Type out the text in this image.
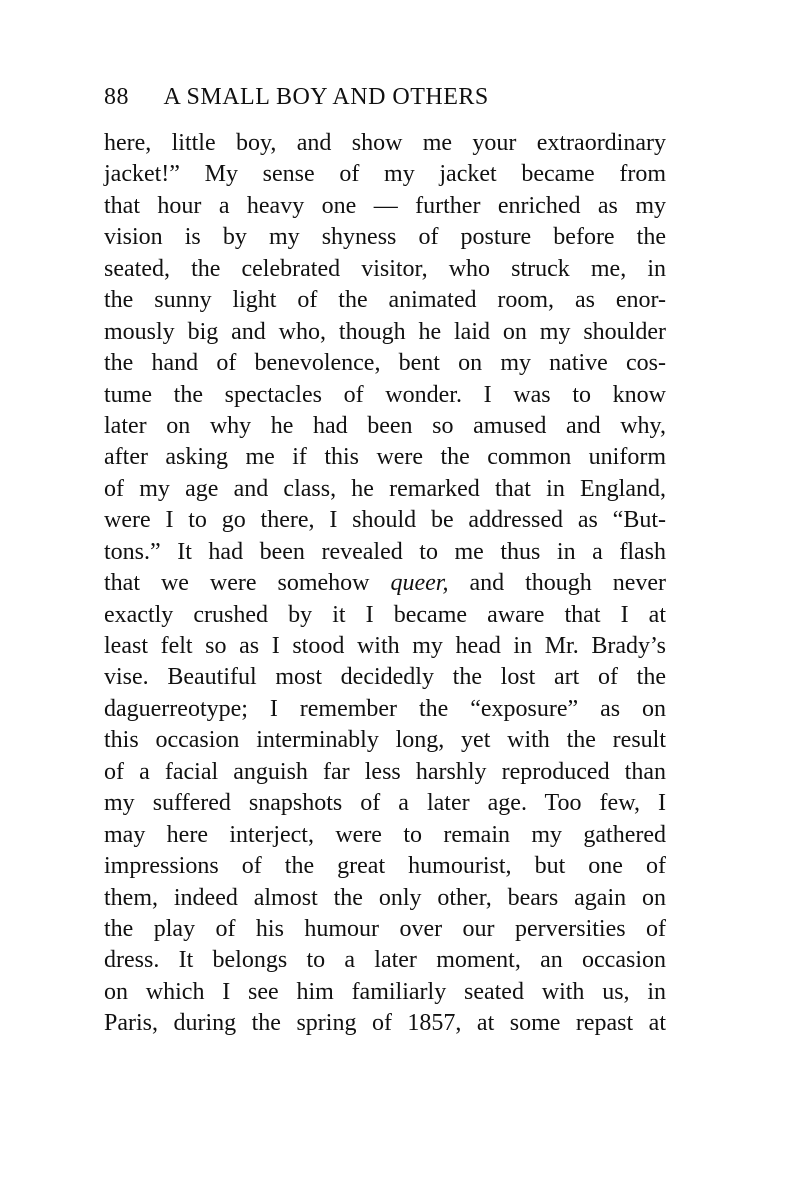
88 A SMALL BOY AND OTHERS
here, little boy, and show me your extraordinary
jacket!” My sense of my jacket became from
that hour a heavy one — further enriched as my
vision is by my shyness of posture before the
seated, the celebrated visitor, who struck me, in
the sunny light of the animated room, as enor-
mously big and who, though he laid on my shoulder
the hand of benevolence, bent on my native cos-
tume the spectacles of wonder. I was to know
later on why he had been so amused and why,
after asking me if this were the common uniform
of my age and class, he remarked that in England,
were I to go there, I should be addressed as “But-
tons.” It had been revealed to me thus in a flash
that we were somehow queer, and though never
exactly crushed by it I became aware that I at
least felt so as I stood with my head in Mr. Brady’s
vise. Beautiful most decidedly the lost art of the
daguerreotype; I remember the “exposure” as on
this occasion interminably long, yet with the result
of a facial anguish far less harshly reproduced than
my suffered snapshots of a later age. Too few, I
may here interject, were to remain my gathered
impressions of the great humourist, but one of
them, indeed almost the only other, bears again on
the play of his humour over our perversities of
dress. It belongs to a later moment, an occasion
on which I see him familiarly seated with us, in
Paris, during the spring of 1857, at some repast at
